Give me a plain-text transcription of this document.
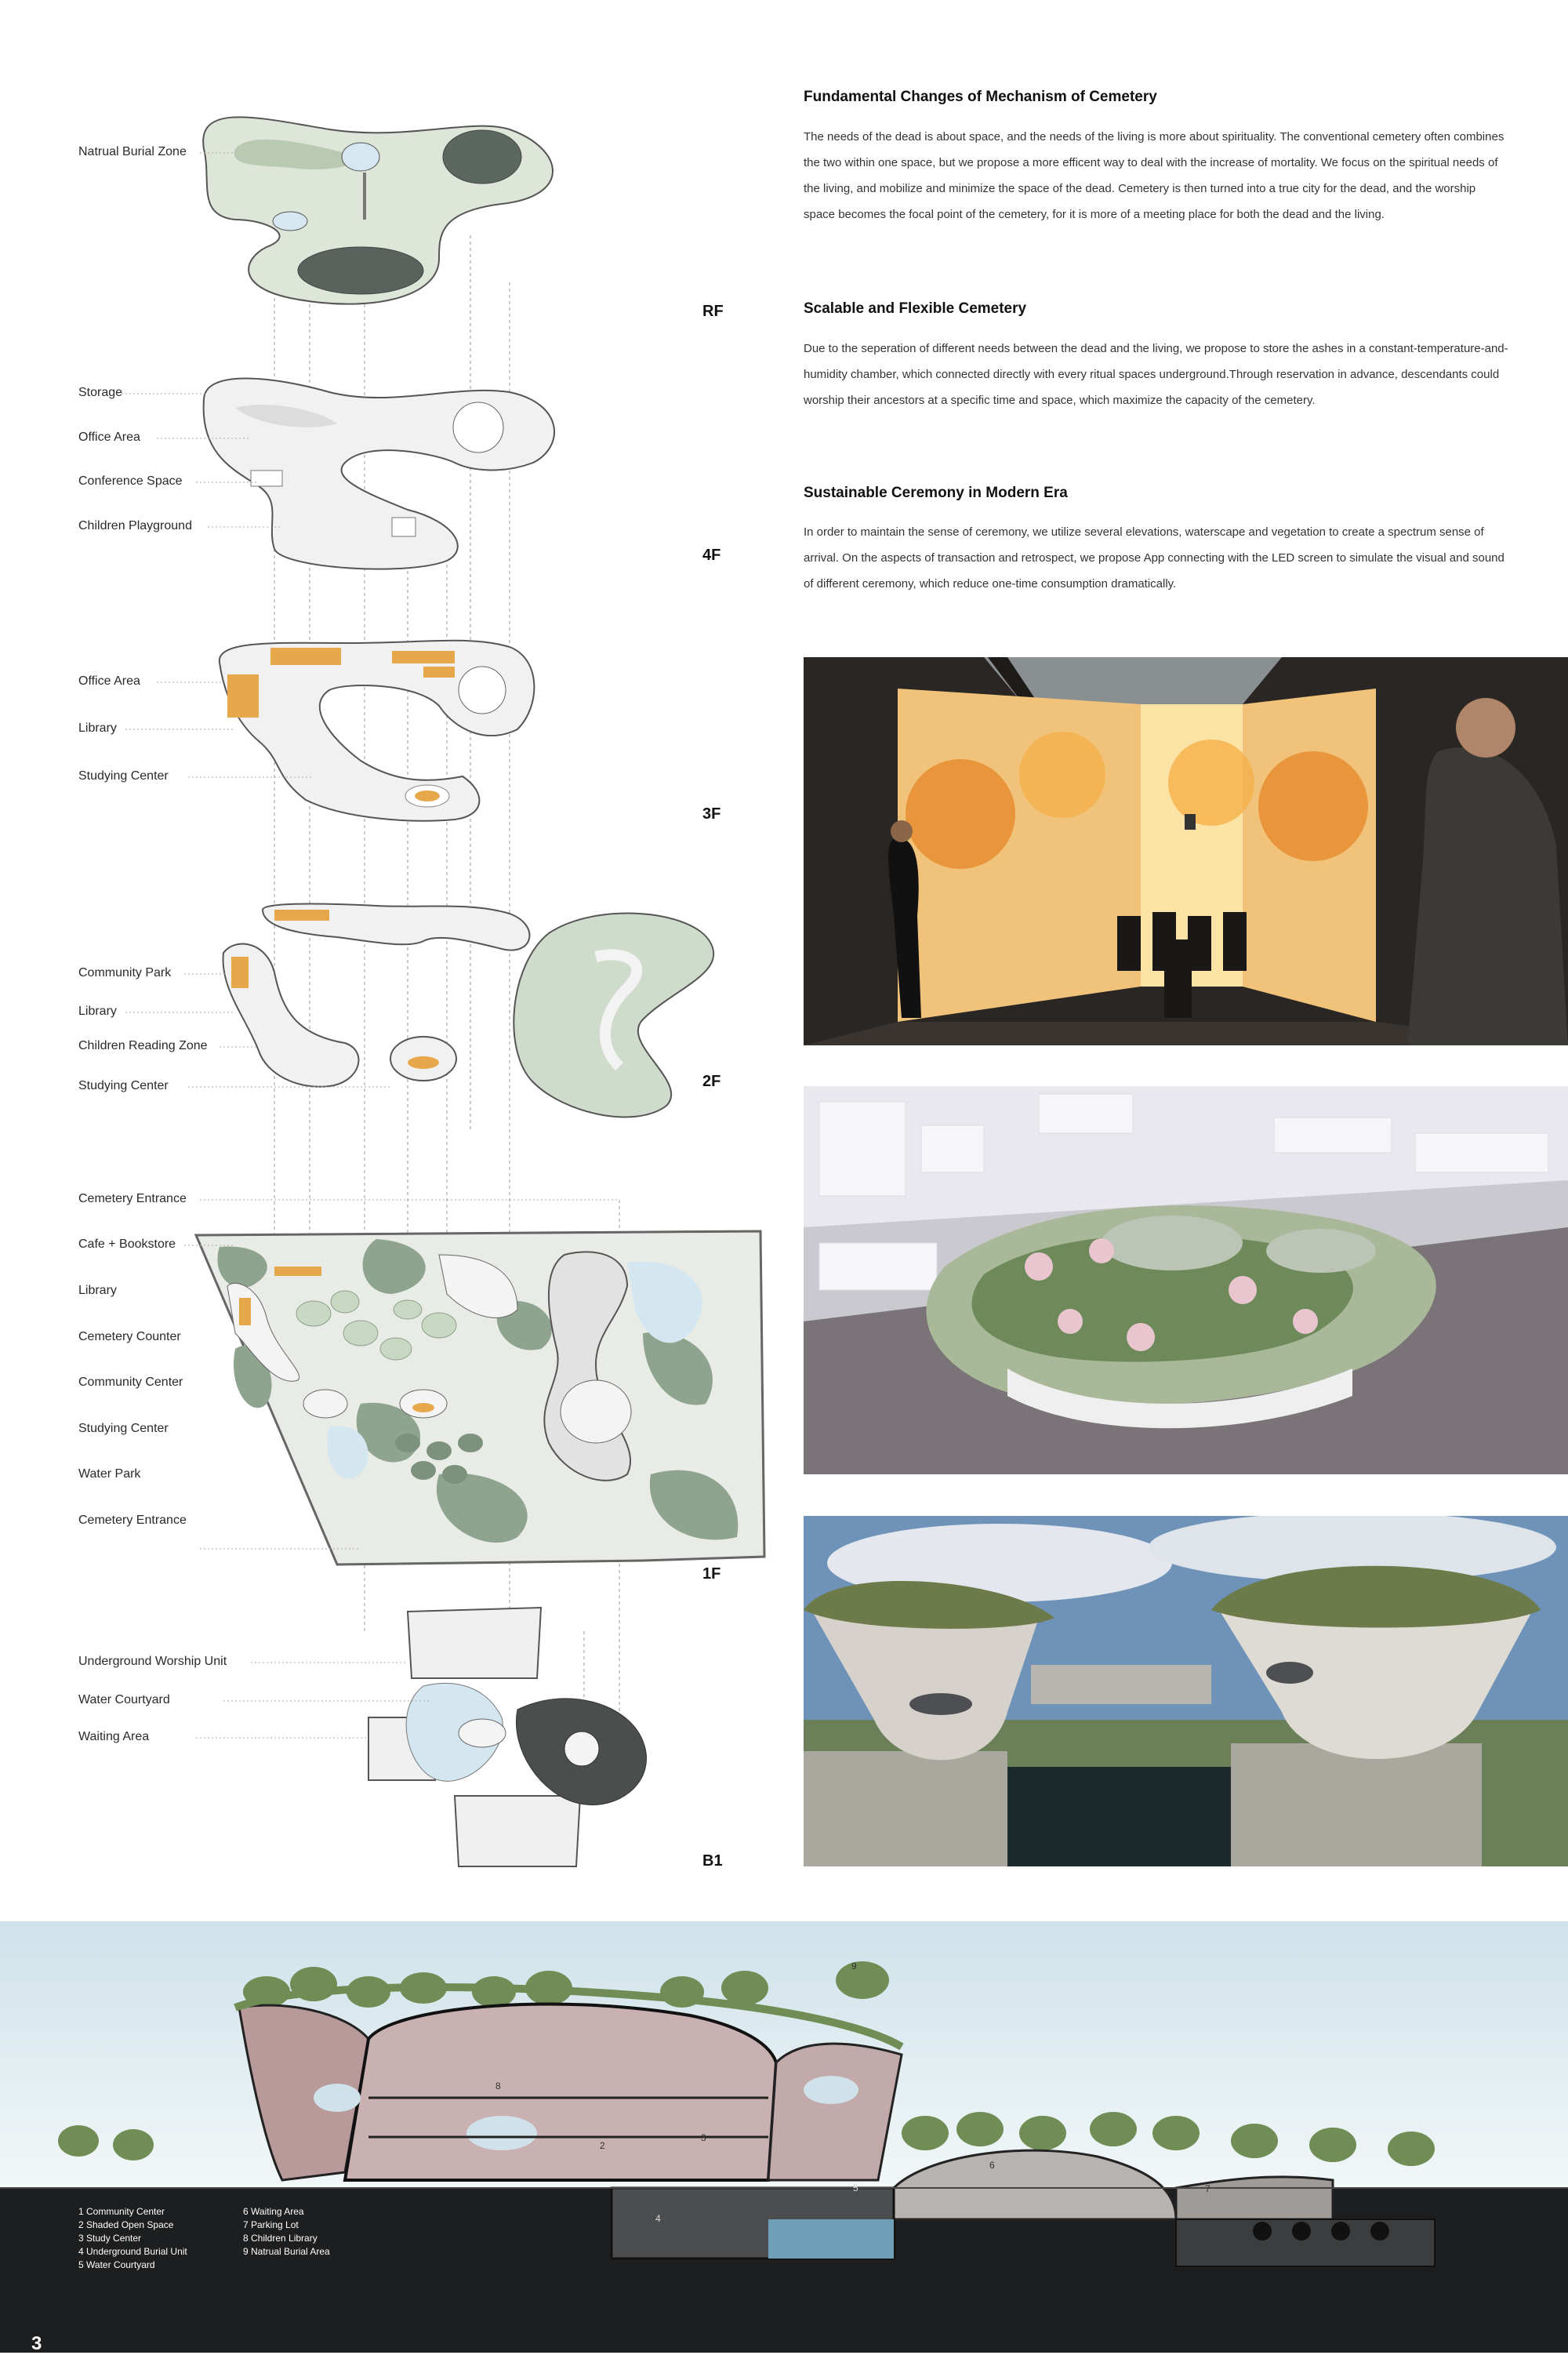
Natrual Burial Zone
Storage
Office Area
Conference Space
Children Playground
Office Area
Library
Studying Center
Community Park
Library
Children Reading Zone
Studying Center
Cemetery Entrance
Cafe + Bookstore
Library
Cemetery Counter
Community Center
Studying Center
Water Park
Cemetery Entrance
Underground Worship Unit
Water Courtyard
Waiting Area
RF
4F
3F
2F
1F
B1
Fundamental Changes of Mechanism of Cemetery

The needs of the dead is about space, and the needs of the living is more about spirituality. The conventional cemetery often combines the two within one space, but we propose a more efficent way to deal with the increase of mortality. We focus on the spiritual needs of the living, and mobilize and minimize the space of the dead. Cemetery is then turned into a true city for the dead, and the worship space becomes the focal point of the cemetery, for it is more of a meeting place for both the dead and the living.

Scalable and Flexible Cemetery

Due to the seperation of different needs between the dead and the living, we propose to store the ashes in a constant-temperature-and-humidity chamber, which connected directly with every ritual spaces underground.Through reservation in advance, descendants could worship their ancestors at a specific time and space, which maximize the capacity of the cemetery.

Sustainable Ceremony in Modern Era

In order to maintain the sense of ceremony, we utilize several elevations, waterscape and vegetation to create a spectrum sense of arrival. On the aspects of transaction and retrospect, we propose App connecting with the LED screen to simulate the visual and sound of different ceremony, which reduce one-time consumption dramatically.

9
8
2
3
4
5
6
7
1 Community Center
2 Shaded Open Space
3 Study Center
4 Underground Burial Unit
5 Water Courtyard
6 Waiting Area
7 Parking Lot
8 Children Library
9 Natrual Burial Area
3
